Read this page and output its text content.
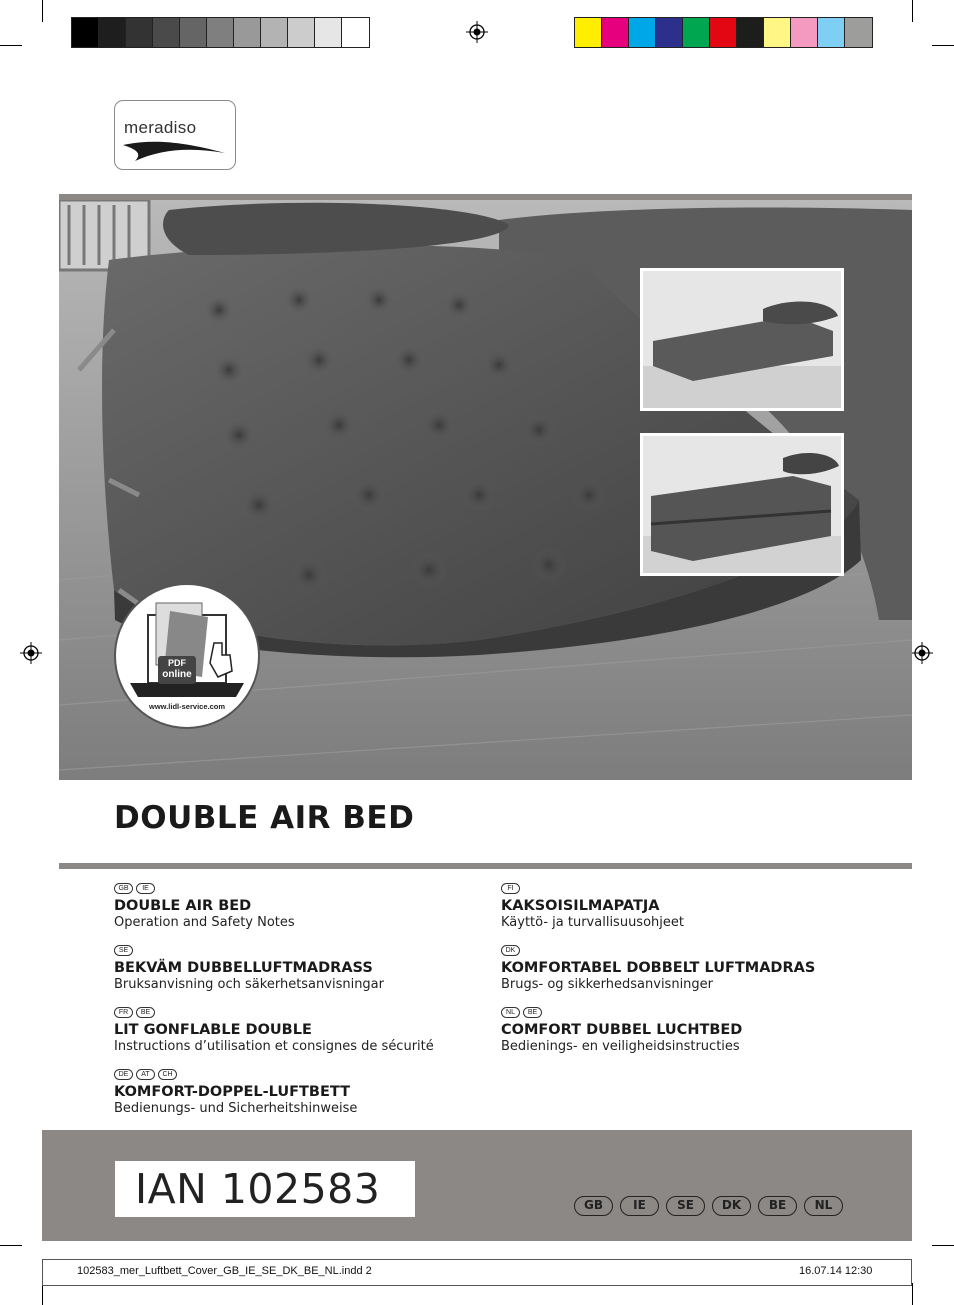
meradiso
PDF
online
www.lidl-service.com
DOUBLE AIR BED
GB	IE
DOUBLE AIR BED
Operation and Safety Notes
SE
BEKVÄM DUBBELLUFTMADRASS
Bruksanvisning och säkerhetsanvisningar
FR	BE
LIT GONFLABLE DOUBLE
Instructions d’utilisation et consignes de sécurité
DE	AT	CH
KOMFORT-DOPPEL-LUFTBETT
Bedienungs- und Sicherheitshinweise
FI
KAKSOISILMAPATJA
Käyttö- ja turvallisuusohjeet
DK
KOMFORTABEL DOBBELT LUFTMADRAS
Brugs- og sikkerhedsanvisninger
NL	BE
COMFORT DUBBEL LUCHTBED
Bedienings- en veiligheidsinstructies
IAN 102583	GB	IE	SE	DK	BE	NL
102583_mer_Luftbett_Cover_GB_IE_SE_DK_BE_NL.indd 2	16.07.14 12:30
